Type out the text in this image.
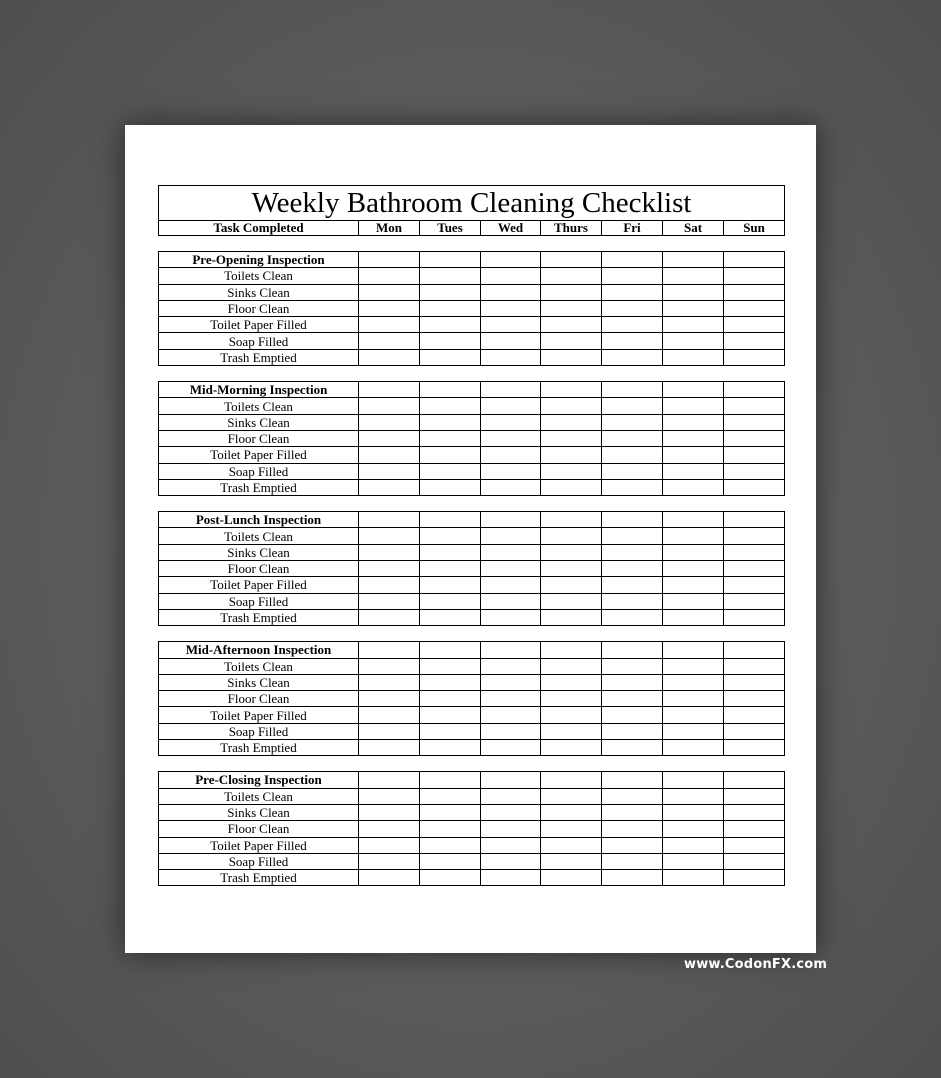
Weekly Bathroom Cleaning Checklist
Task Completed	Mon	Tues	Wed	Thurs	Fri	Sat	Sun
Pre-Opening Inspection							
Toilets Clean							
Sinks Clean							
Floor Clean							
Toilet Paper Filled							
Soap Filled							
Trash Emptied							
Mid-Morning Inspection							
Toilets Clean							
Sinks Clean							
Floor Clean							
Toilet Paper Filled							
Soap Filled							
Trash Emptied							
Post-Lunch Inspection							
Toilets Clean							
Sinks Clean							
Floor Clean							
Toilet Paper Filled							
Soap Filled							
Trash Emptied							
Mid-Afternoon Inspection							
Toilets Clean							
Sinks Clean							
Floor Clean							
Toilet Paper Filled							
Soap Filled							
Trash Emptied							
Pre-Closing Inspection							
Toilets Clean							
Sinks Clean							
Floor Clean							
Toilet Paper Filled							
Soap Filled							
Trash Emptied							
www.CodonFX.com
